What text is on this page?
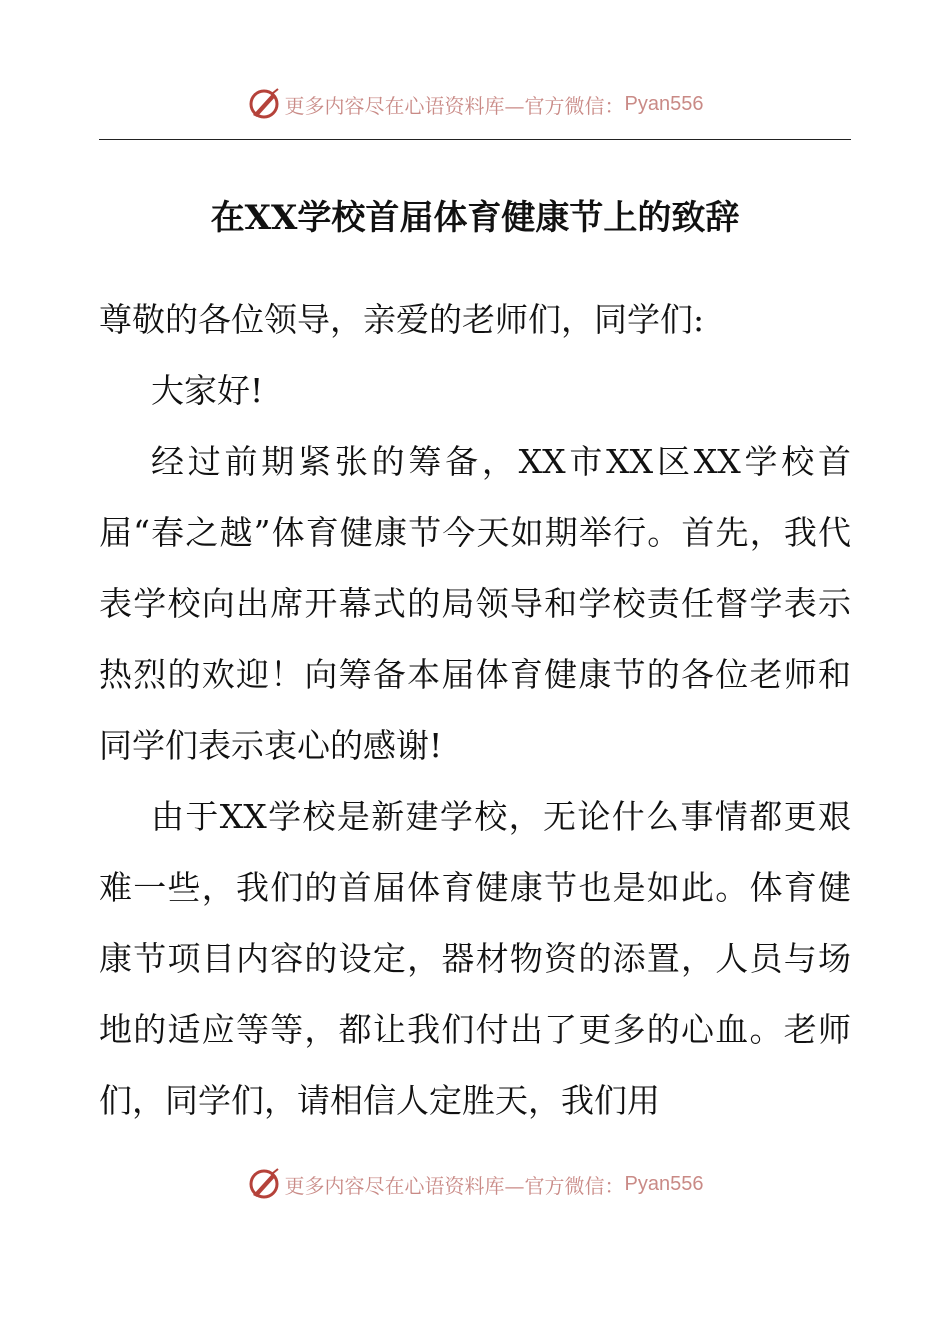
更多内容尽在心语资料库—官方微信： Pyan556
在XX学校首届体育健康节上的致辞

尊敬的各位领导，亲爱的老师们，同学们:

大家好!

经过前期紧张的筹备，XX市XX区XX学校首届“春之越”体育健康节今天如期举行。首先，我代表学校向出席开幕式的局领导和学校责任督学表示热烈的欢迎！向筹备本届体育健康节的各位老师和同学们表示衷心的感谢!

由于XX学校是新建学校，无论什么事情都更艰难一些，我们的首届体育健康节也是如此。体育健康节项目内容的设定，器材物资的添置，人员与场地的适应等等，都让我们付出了更多的心血。老师们，同学们，请相信人定胜天，我们用

更多内容尽在心语资料库—官方微信： Pyan556
